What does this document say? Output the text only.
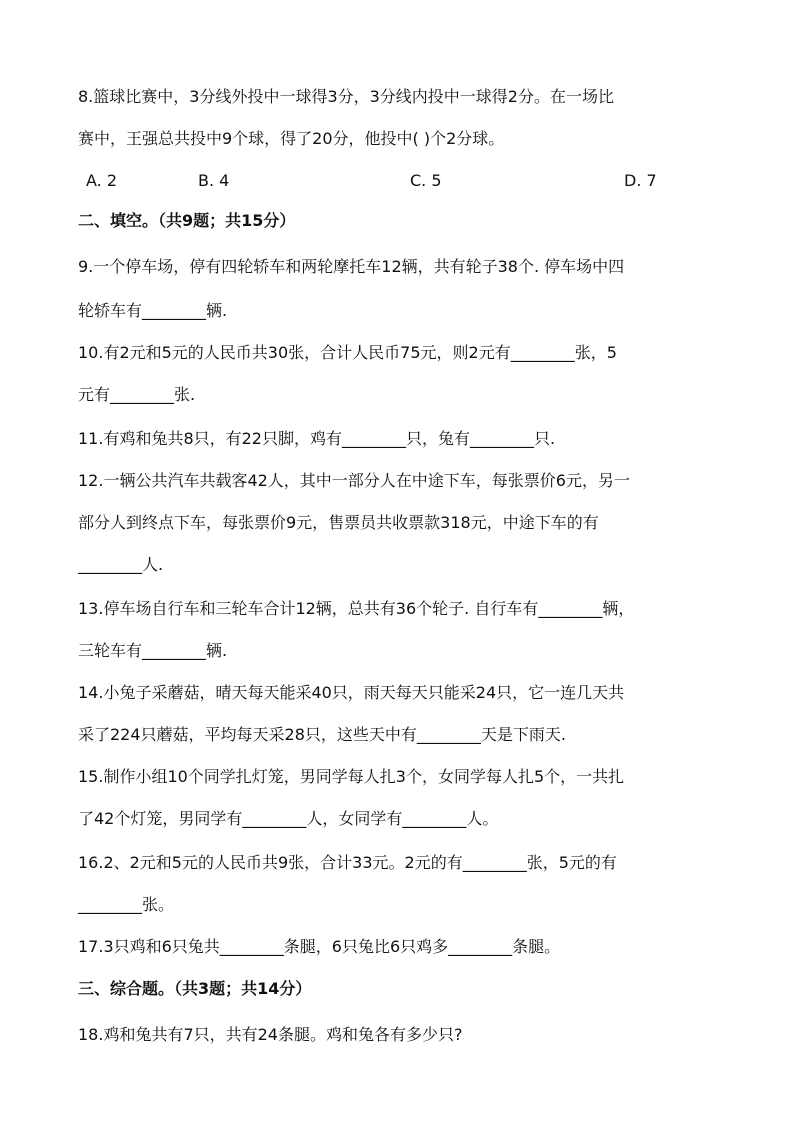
8.篮球比赛中，3分线外投中一球得3分，3分线内投中一球得2分。在一场比
赛中，王强总共投中9个球，得了20分，他投中( )个2分球。
A. 2	B. 4	C. 5	D. 7
二、填空。（共9题；共15分）
9.一个停车场，停有四轮轿车和两轮摩托车12辆，共有轮子38个. 停车场中四
轮轿车有________辆.
10.有2元和5元的人民币共30张，合计人民币75元，则2元有________张，5
元有________张.
11.有鸡和兔共8只，有22只脚，鸡有________只，兔有________只.
12.一辆公共汽车共载客42人，其中一部分人在中途下车，每张票价6元，另一
部分人到终点下车，每张票价9元，售票员共收票款318元，中途下车的有
________人.
13.停车场自行车和三轮车合计12辆，总共有36个轮子. 自行车有________辆，
三轮车有________辆.
14.小兔子采蘑菇，晴天每天能采40只，雨天每天只能采24只，它一连几天共
采了224只蘑菇，平均每天采28只，这些天中有________天是下雨天.
15.制作小组10个同学扎灯笼，男同学每人扎3个，女同学每人扎5个，一共扎
了42个灯笼，男同学有________人，女同学有________人。
16.2、2元和5元的人民币共9张，合计33元。2元的有________张，5元的有
________张。
17.3只鸡和6只兔共________条腿，6只兔比6只鸡多________条腿。
三、综合题。（共3题；共14分）
18.鸡和兔共有7只，共有24条腿。鸡和兔各有多少只?
